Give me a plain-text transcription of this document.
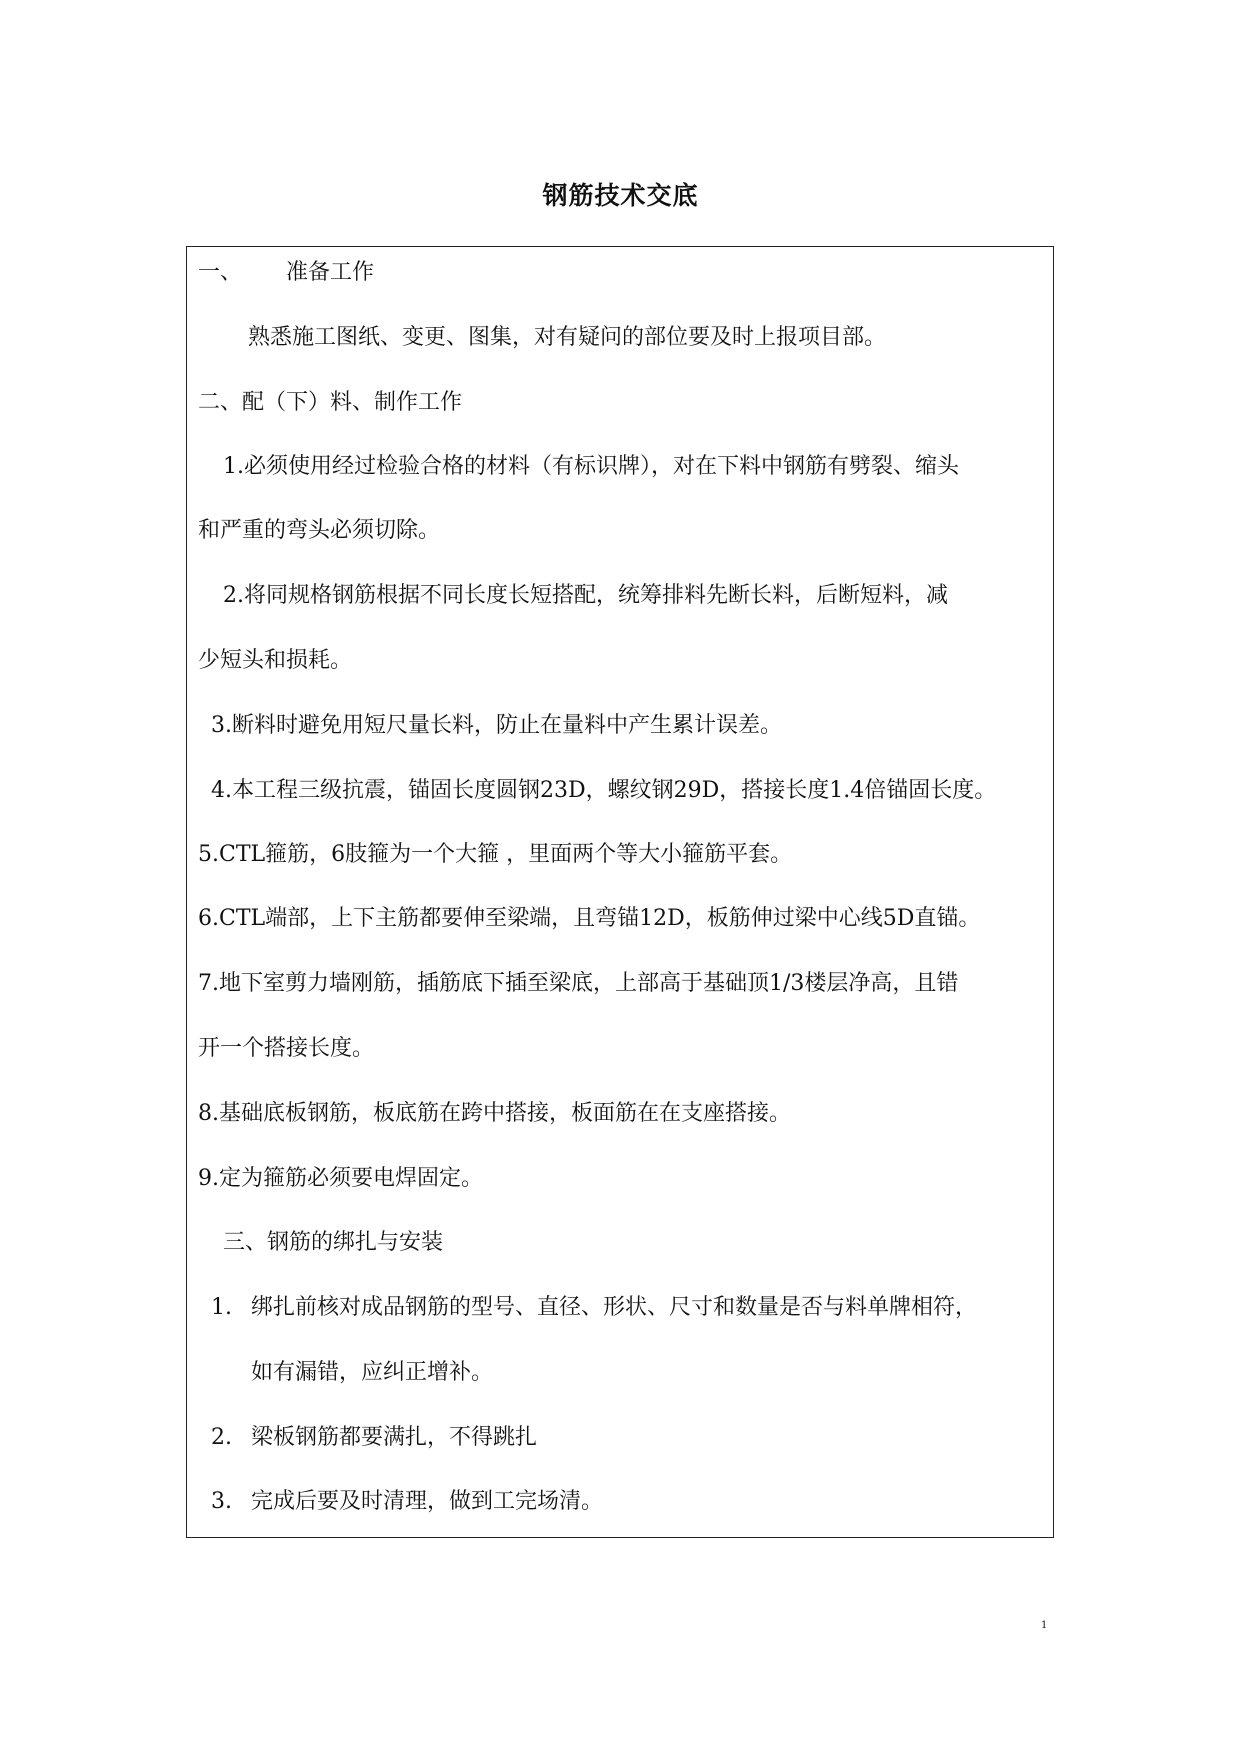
钢筋技术交底
一、 准备工作
熟悉施工图纸、变更、图集，对有疑问的部位要及时上报项目部。
二、配（下）料、制作工作
1.必须使用经过检验合格的材料（有标识牌），对在下料中钢筋有劈裂、缩头
和严重的弯头必须切除。
2.将同规格钢筋根据不同长度长短搭配，统筹排料先断长料，后断短料，减
少短头和损耗。
3.断料时避免用短尺量长料，防止在量料中产生累计误差。
4.本工程三级抗震，锚固长度圆钢23D，螺纹钢29D，搭接长度1.4倍锚固长度。
5.CTL箍筋，6肢箍为一个大箍 ，里面两个等大小箍筋平套。
6.CTL端部，上下主筋都要伸至梁端，且弯锚12D，板筋伸过梁中心线5D直锚。
7.地下室剪力墙刚筋，插筋底下插至梁底，上部高于基础顶1/3楼层净高，且错
开一个搭接长度。
8.基础底板钢筋，板底筋在跨中搭接，板面筋在在支座搭接。
9.定为箍筋必须要电焊固定。
三、钢筋的绑扎与安装
1. 绑扎前核对成品钢筋的型号、直径、形状、尺寸和数量是否与料单牌相符，
如有漏错，应纠正增补。
2. 梁板钢筋都要满扎，不得跳扎
3. 完成后要及时清理，做到工完场清。
1
